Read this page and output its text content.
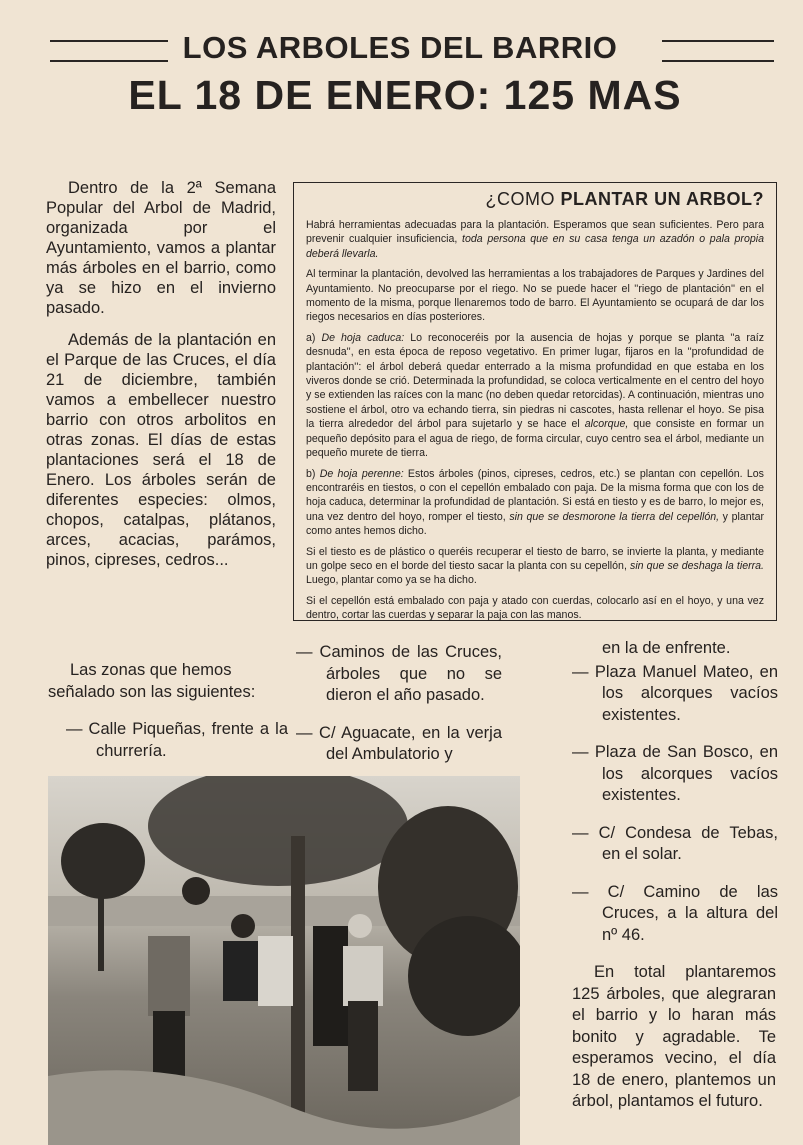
LOS ARBOLES DEL BARRIO
EL 18 DE ENERO: 125 MAS

Dentro de la 2ª Semana Popular del Arbol de Madrid, organizada por el Ayuntamiento, vamos a plantar más árboles en el barrio, como ya se hizo en el invierno pasado.

Además de la plantación en el Parque de las Cruces, el día 21 de diciembre, también vamos a embellecer nuestro barrio con otros arbolitos en otras zonas. El días de estas plantaciones será el 18 de Enero. Los árboles serán de diferentes especies: olmos, chopos, catalpas, plátanos, arces, acacias, parámos, pinos, cipreses, cedros...

¿COMO PLANTAR UN ARBOL?

Habrá herramientas adecuadas para la plantación. Esperamos que sean suficientes. Pero para prevenir cualquier insuficiencia, toda persona que en su casa tenga un azadón o pala propia deberá llevarla.

Al terminar la plantación, devolved las herramientas a los trabajadores de Parques y Jardines del Ayuntamiento. No preocuparse por el riego. No se puede hacer el ''riego de plantación'' en el momento de la misma, porque llenaremos todo de barro. El Ayuntamiento se ocupará de dar los riegos necesarios en días posteriores.

a) De hoja caduca: Lo reconoceréis por la ausencia de hojas y porque se planta ''a raíz desnuda'', en esta época de reposo vegetativo. En primer lugar, fijaros en la ''profundidad de plantación'': el árbol deberá quedar enterrado a la misma profundidad en que estaba en los viveros donde se crió. Determinada la profundidad, se coloca verticalmente en el centro del hoyo y se extienden las raíces con la manc (no deben quedar retorcidas). A continuación, mientras uno sostiene el árbol, otro va echando tierra, sin piedras ni cascotes, hasta rellenar el hoyo. Se pisa la tierra alrededor del árbol para sujetarlo y se hace el alcorque, que consiste en formar un pequeño depósito para el agua de riego, de forma circular, cuyo centro sea el árbol, mediante un pequeño murete de tierra.

b) De hoja perenne: Estos árboles (pinos, cipreses, cedros, etc.) se plantan con cepellón. Los encontraréis en tiestos, o con el cepellón embalado con paja. De la misma forma que con los de hoja caduca, determinar la profundidad de plantación. Si está en tiesto y es de barro, lo mejor es, una vez dentro del hoyo, romper el tiesto, sin que se desmorone la tierra del cepellón, y plantar como antes hemos dicho.

Si el tiesto es de plástico o queréis recuperar el tiesto de barro, se invierte la planta, y mediante un golpe seco en el borde del tiesto sacar la planta con su cepellón, sin que se deshaga la tierra. Luego, plantar como ya se ha dicho.

Si el cepellón está embalado con paja y atado con cuerdas, colocarlo así en el hoyo, y una vez dentro, cortar las cuerdas y separar la paja con las manos.

Las zonas que hemos señalado son las siguientes:

— Calle Piqueñas, frente a la churrería.

— Caminos de las Cruces, árboles que no se dieron el año pasado.

— C/ Aguacate, en la verja del Ambulatorio y

en la de enfrente.

— Plaza Manuel Mateo, en los alcorques vacíos existentes.

— Plaza de San Bosco, en los alcorques vacíos existentes.

— C/ Condesa de Tebas, en el solar.

— C/ Camino de las Cruces, a la altura del nº 46.

En total plantaremos 125 árboles, que alegraran el barrio y lo haran más bonito y agradable. Te esperamos vecino, el día 18 de enero, plantemos un árbol, plantamos el futuro.
